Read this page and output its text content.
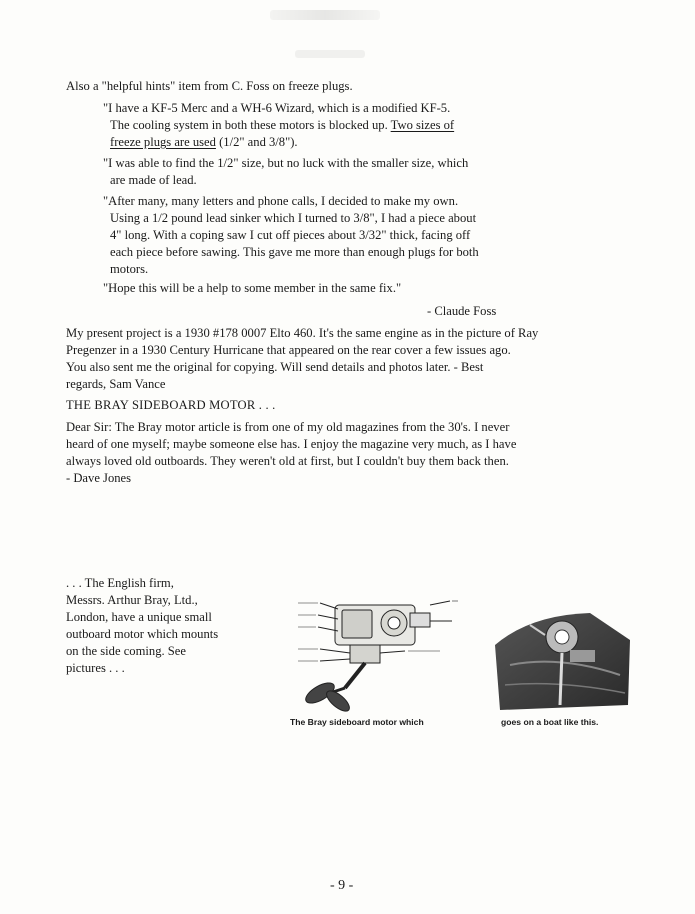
Also a "helpful hints" item from C. Foss on freeze plugs.

"I have a KF-5 Merc and a WH-6 Wizard, which is a modified KF-5.
The cooling system in both these motors is blocked up. Two sizes of
freeze plugs are used (1/2" and 3/8").
"I was able to find the 1/2" size, but no luck with the smaller size, which
are made of lead.
"After many, many letters and phone calls, I decided to make my own.
Using a 1/2 pound lead sinker which I turned to 3/8", I had a piece about
4" long. With a coping saw I cut off pieces about 3/32" thick, facing off
each piece before sawing. This gave me more than enough plugs for both
motors.

"Hope this will be a help to some member in the same fix."

- Claude Foss

My present project is a 1930 #178 0007 Elto 460. It's the same engine as in the picture of Ray
Pregenzer in a 1930 Century Hurricane that appeared on the rear cover a few issues ago.
You also sent me the original for copying. Will send details and photos later. - Best
regards, Sam Vance

THE BRAY SIDEBOARD MOTOR . . .

Dear Sir: The Bray motor article is from one of my old magazines from the 30's. I never
heard of one myself; maybe someone else has. I enjoy the magazine very much, as I have
always loved old outboards. They weren't old at first, but I couldn't buy them back then.
- Dave Jones
. . . The English firm,
Messrs. Arthur Bray, Ltd.,
London, have a unique small
outboard motor which mounts
on the side coming. See
pictures . . .
The Bray sideboard motor which	goes on a boat like this.
- 9 -
